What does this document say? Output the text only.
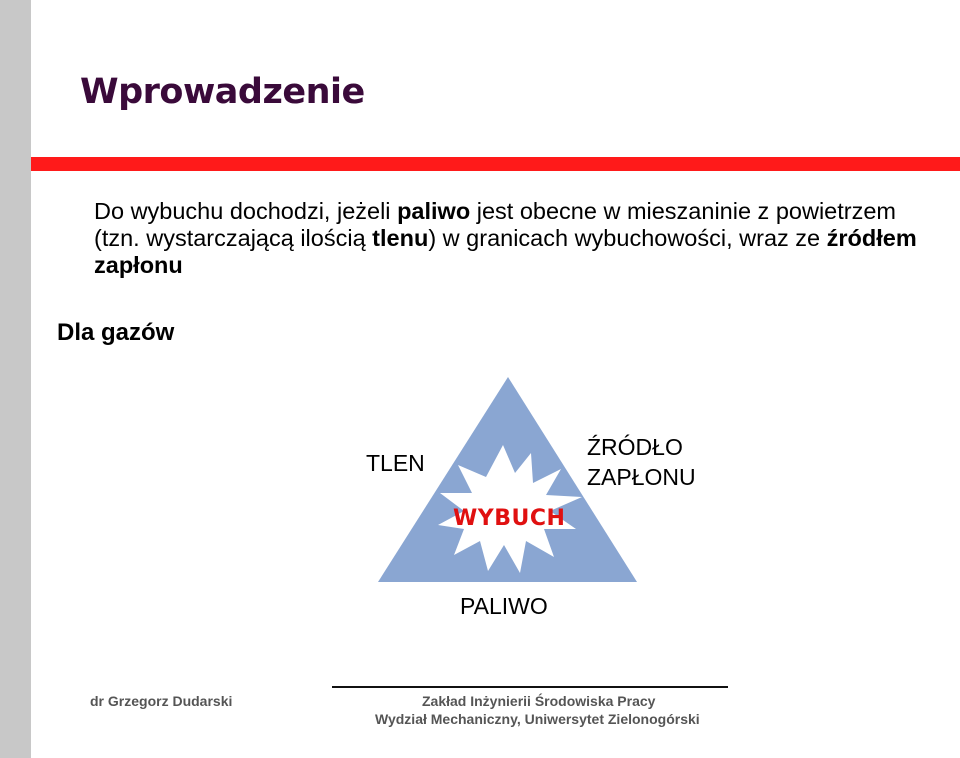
Wprowadzenie
Do wybuchu dochodzi, jeżeli paliwo jest obecne w mieszaninie z powietrzem (tzn. wystarczającą ilością tlenu) w granicach wybuchowości, wraz ze źródłem zapłonu
Dla gazów
TLEN
ŹRÓDŁO
ZAPŁONU
WYBUCH
PALIWO
dr Grzegorz Dudarski	Zakład Inżynierii Środowiska Pracy
Wydział Mechaniczny, Uniwersytet Zielonogórski
